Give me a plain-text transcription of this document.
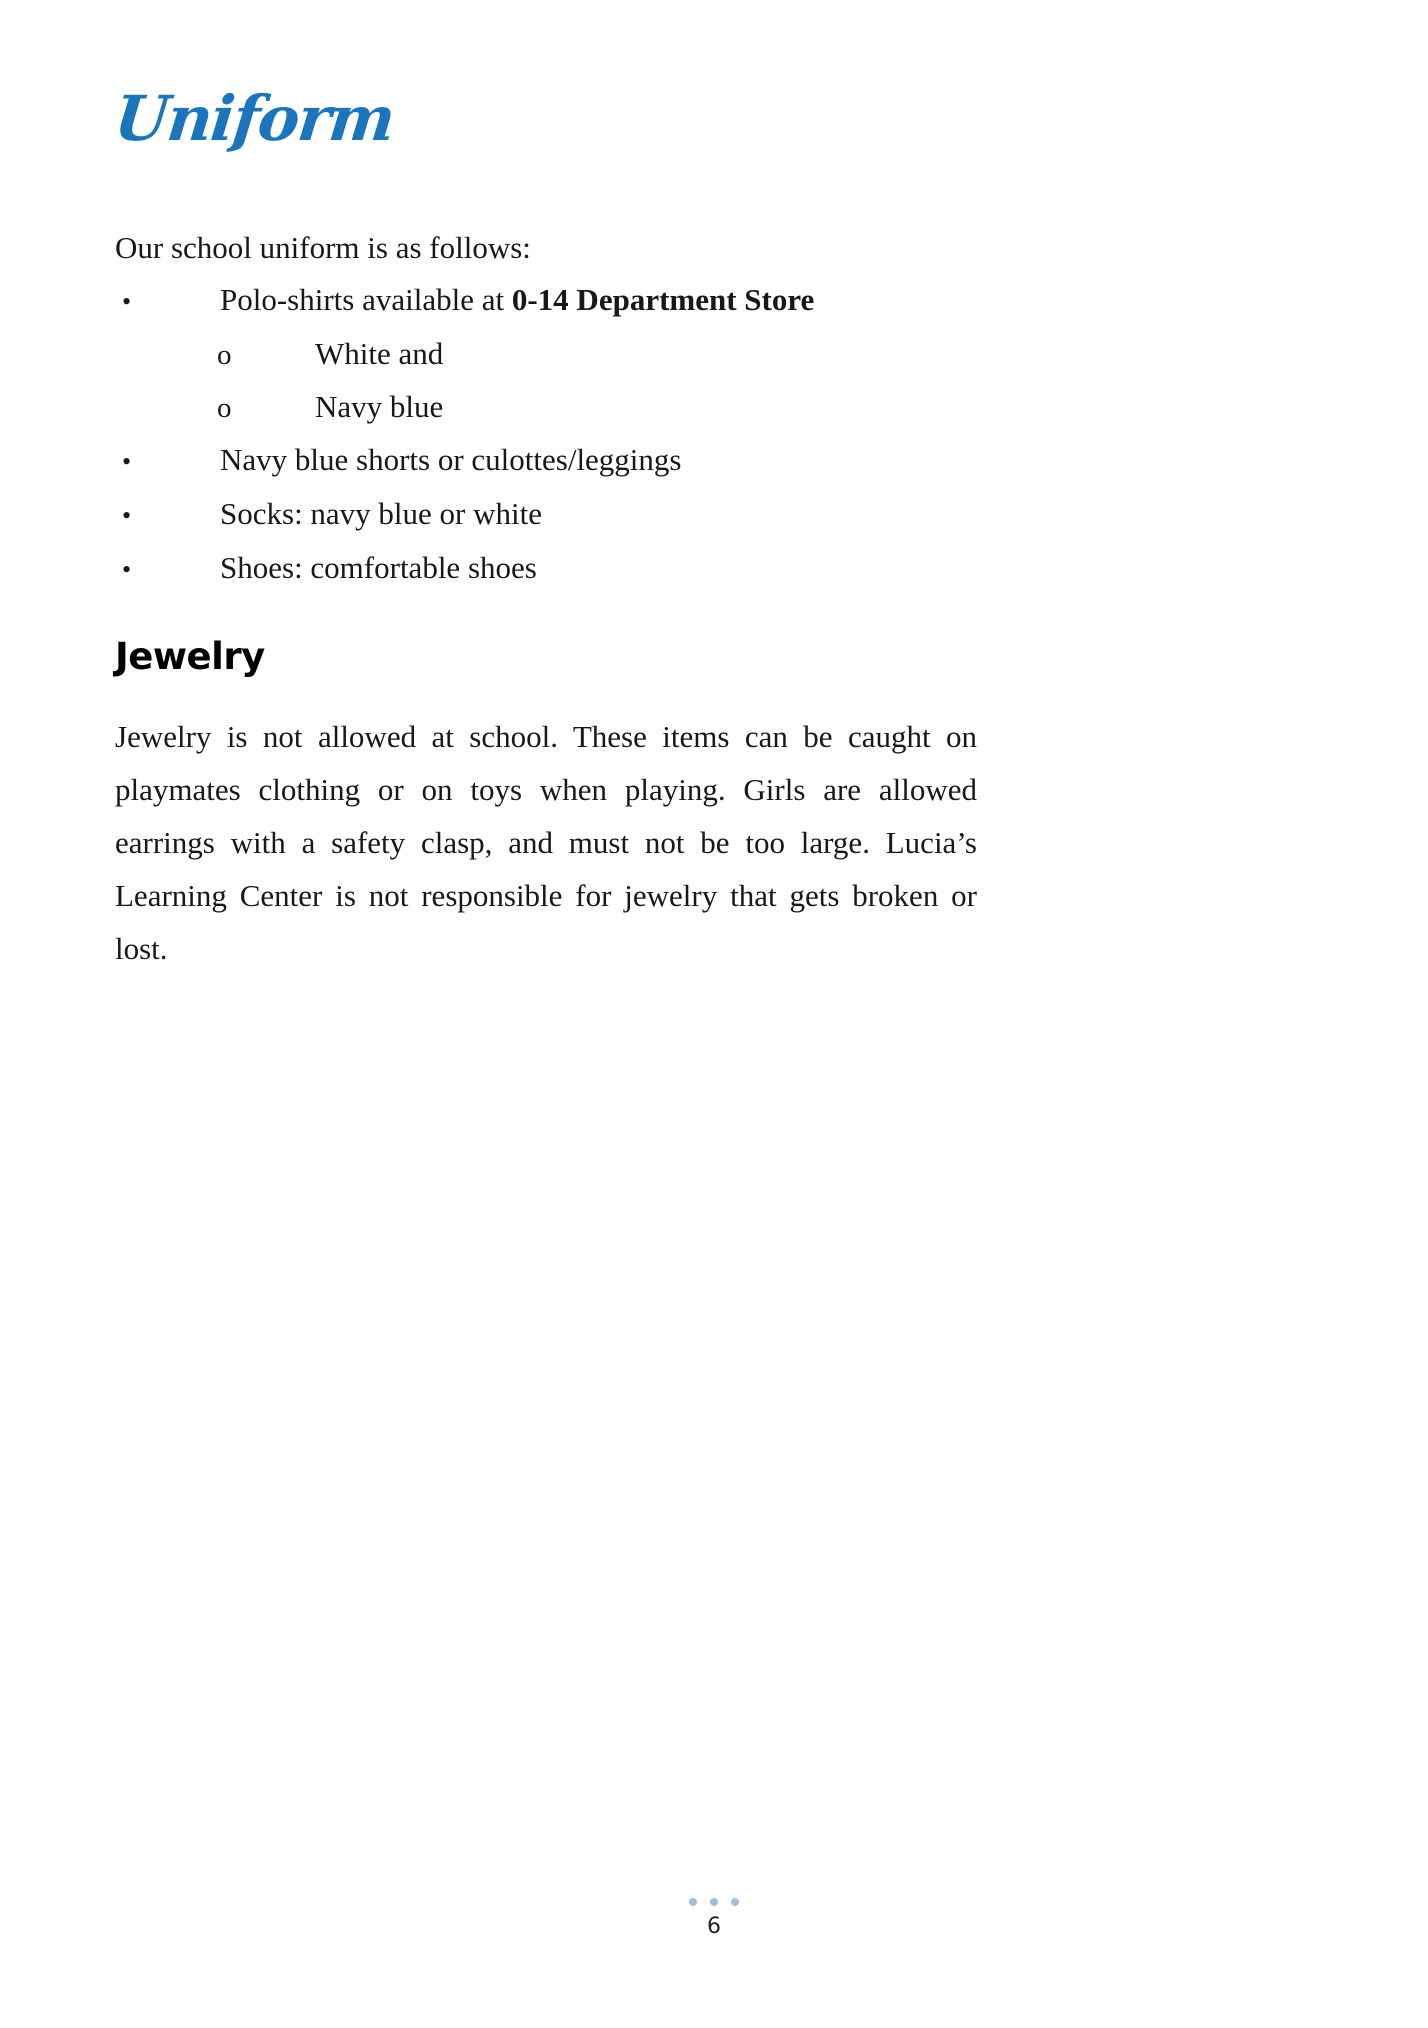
Uniform

Our school uniform is as follows:

•	Polo-shirts available at 0-14 Department Store
o	White and
o	Navy blue
•	Navy blue shorts or culottes/leggings
•	Socks: navy blue or white
•	Shoes: comfortable shoes
Jewelry

Jewelry is not allowed at school. These items can be caught on playmates clothing or on toys when playing. Girls are allowed earrings with a safety clasp, and must not be too large. Lucia’s Learning Center is not responsible for jewelry that gets broken or lost.

6
